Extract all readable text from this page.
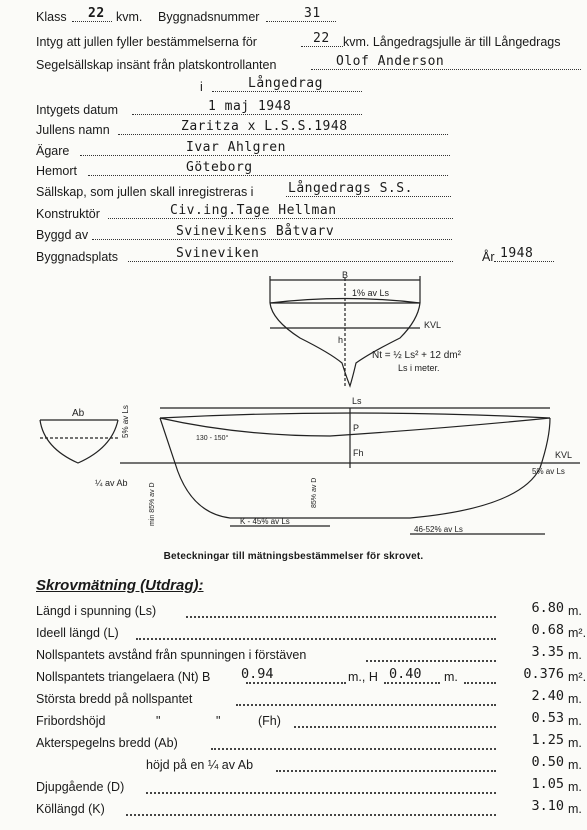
Klass 22 kvm. Byggnadsnummer	31
Intyg att jullen fyller bestämmelserna för	22 kvm. Långedragsjulle är till Långedrags
Segelsällskap insänt från platskontrollanten	Olof Anderson
i	Långedrag
Intygets datum	1 maj 1948
Jullens namn	Zaritza x L.S.S.1948
Ägare	Ivar Ahlgren
Hemort	Göteborg
Sällskap, som jullen skall inregistreras i	Långedrags S.S.
Konstruktör	Civ.ing.Tage Hellman
Byggd av	Svinevikens Båtvarv
Byggnadsplats	Svineviken	År 1948
B
1% av Ls
KVL
h
Nt = ½ Ls² + 12 dm²
Ls i meter.
Ab
¼ av Ab
5% av Ls
Ls
KVL
P
Fh
130 - 150°
85% av D
min 85% av D
5% av Ls
K - 45% av Ls
46-52% av Ls
Beteckningar till mätningsbestämmelser för skrovet.
Skrovmätning (Utdrag):
Längd i spunning (Ls)	6.80 m.
Ideell längd (L)	0.68 m².
Nollspantets avstånd från spunningen i förstäven	3.35 m.
Nollspantets triangelaera (Nt) B 0.94	m., H 0.40	m.	0.376 m².
Största bredd på nollspantet	2.40 m.
Fribordshöjd	"	"	(Fh)	0.53 m.
Akterspegelns bredd (Ab)	1.25 m.
höjd på en ¼ av Ab	0.50 m.
Djupgående (D)	1.05 m.
Köllängd (K)	3.10 m.
